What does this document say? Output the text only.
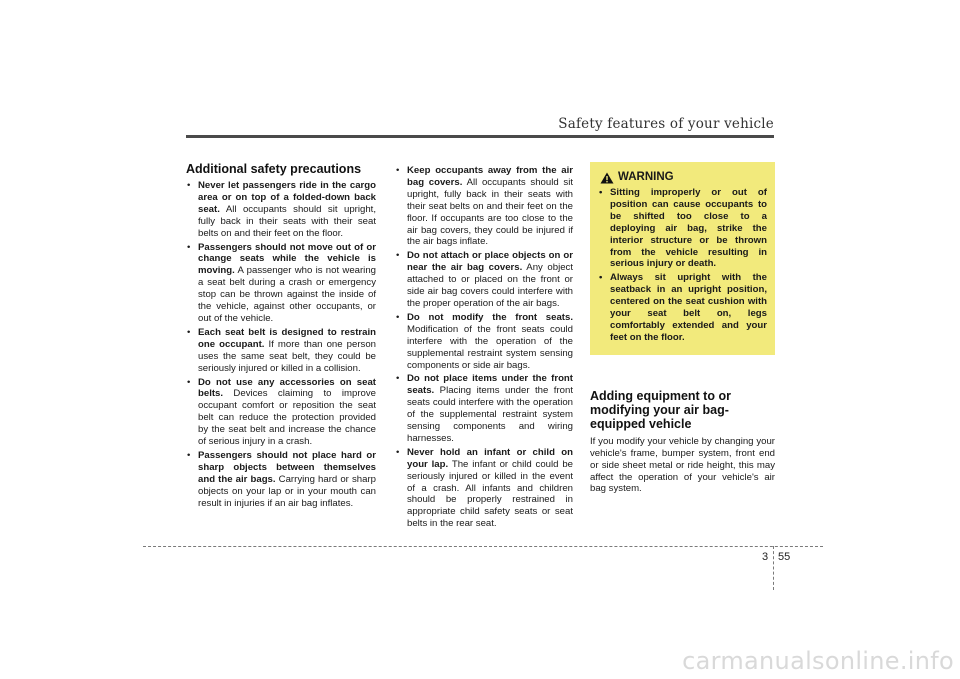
Safety features of your vehicle
Additional safety precautions
• Never let passengers ride in the cargo area or on top of a folded-down back seat. All occupants should sit upright, fully back in their seats with their seat belts on and their feet on the floor.
• Passengers should not move out of or change seats while the vehicle is moving. A passenger who is not wearing a seat belt during a crash or emergency stop can be thrown against the inside of the vehicle, against other occupants, or out of the vehicle.
• Each seat belt is designed to restrain one occupant. If more than one person uses the same seat belt, they could be seriously injured or killed in a collision.
• Do not use any accessories on seat belts. Devices claiming to improve occupant comfort or reposition the seat belt can reduce the protection provided by the seat belt and increase the chance of serious injury in a crash.
• Passengers should not place hard or sharp objects between themselves and the air bags. Carrying hard or sharp objects on your lap or in your mouth can result in injuries if an air bag inflates.
• Keep occupants away from the air bag covers. All occupants should sit upright, fully back in their seats with their seat belts on and their feet on the floor. If occupants are too close to the air bag covers, they could be injured if the air bags inflate.
• Do not attach or place objects on or near the air bag covers. Any object attached to or placed on the front or side air bag covers could interfere with the proper operation of the air bags.
• Do not modify the front seats. Modification of the front seats could interfere with the operation of the supplemental restraint system sensing components or side air bags.
• Do not place items under the front seats. Placing items under the front seats could interfere with the operation of the supplemental restraint system sensing components and wiring harnesses.
• Never hold an infant or child on your lap. The infant or child could be seriously injured or killed in the event of a crash. All infants and children should be properly restrained in appropriate child safety seats or seat belts in the rear seat.
WARNING
• Sitting improperly or out of position can cause occupants to be shifted too close to a deploying air bag, strike the interior structure or be thrown from the vehicle resulting in serious injury or death.
• Always sit upright with the seatback in an upright position, centered on the seat cushion with your seat belt on, legs comfortably extended and your feet on the floor.
Adding equipment to or modifying your air bag-equipped vehicle

If you modify your vehicle by changing your vehicle's frame, bumper system, front end or side sheet metal or ride height, this may affect the operation of your vehicle's air bag system.

3 55
carmanualsonline.info
